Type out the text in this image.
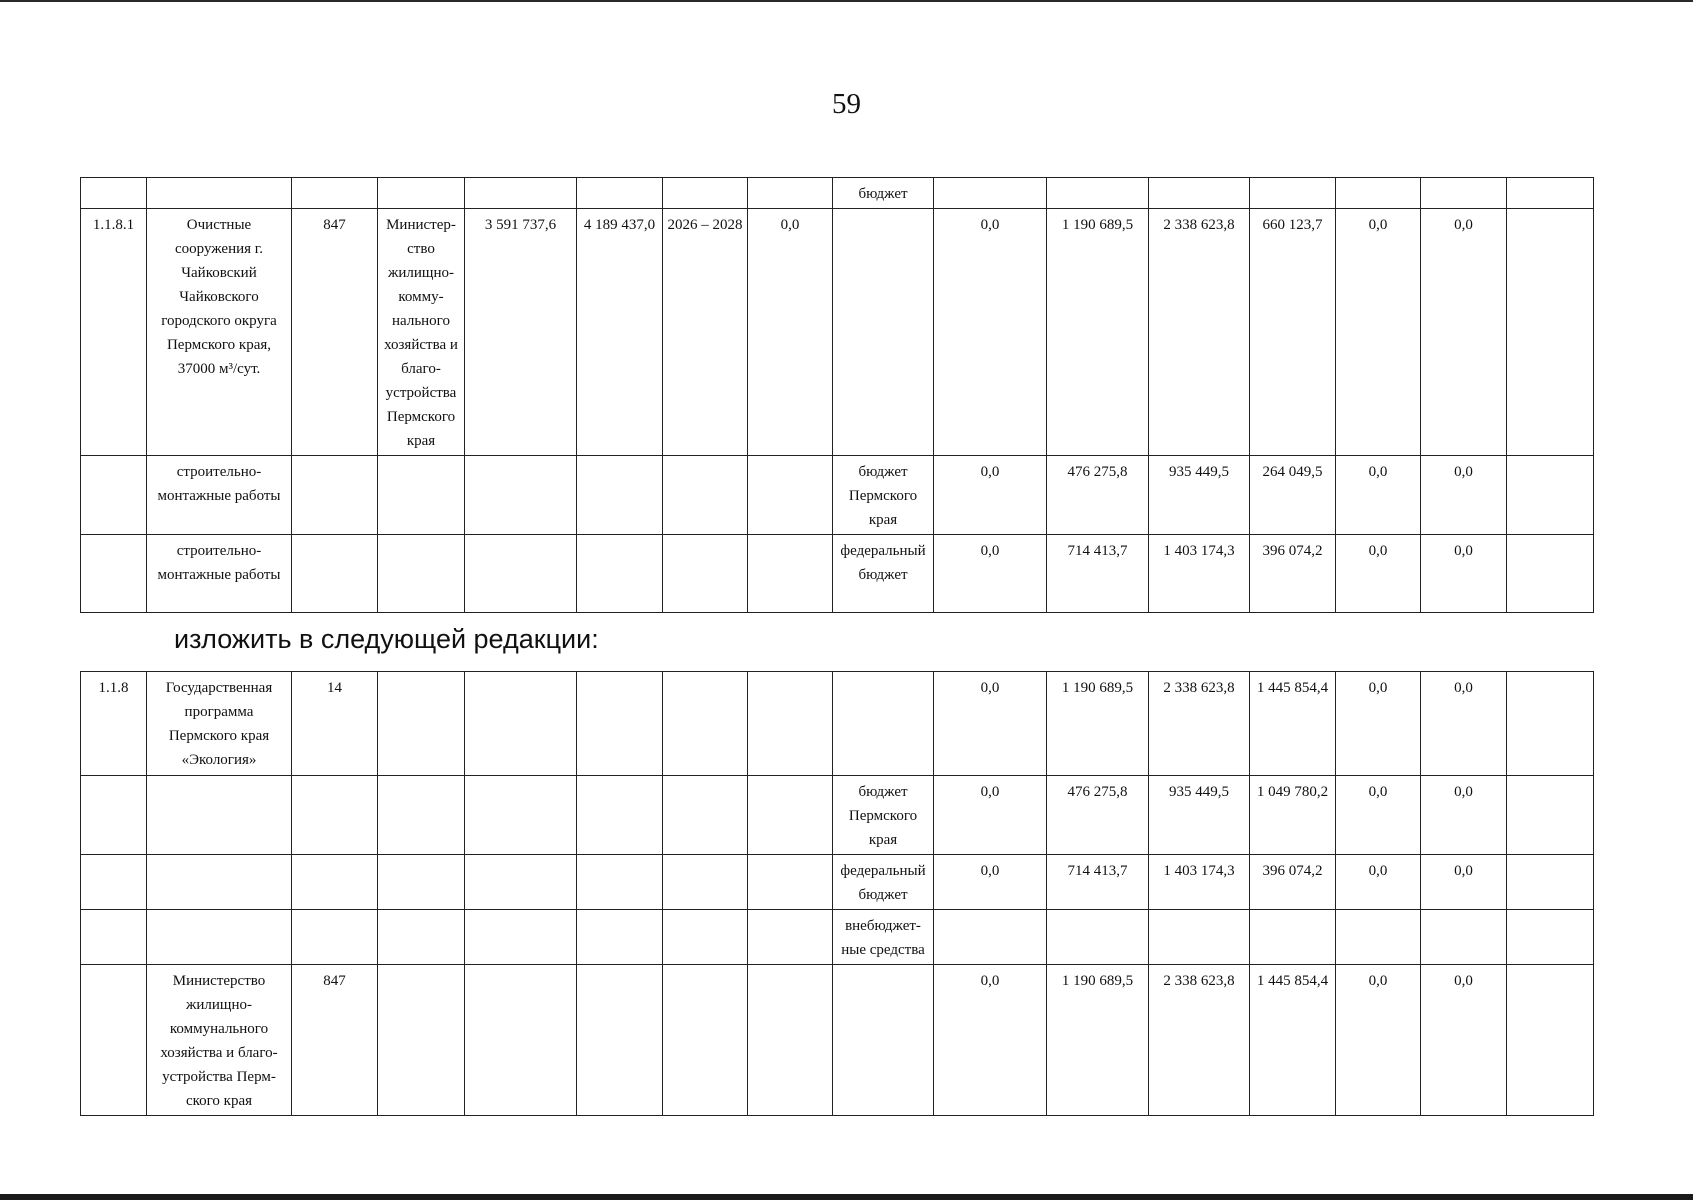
59
								бюджет							
1.1.8.1	Очистные сооружения г. Чайковский Чайковского городского округа Пермского края, 37000 м³/сут.	847	Министер-ство жилищно-комму-нального хозяйства и благо-устройства Пермского края	3 591 737,6	4 189 437,0	2026 – 2028	0,0		0,0	1 190 689,5	2 338 623,8	660 123,7	0,0	0,0	
	строительно-монтажные работы							бюджет Пермского края	0,0	476 275,8	935 449,5	264 049,5	0,0	0,0	
	строительно-монтажные работы							федеральный бюджет	0,0	714 413,7	1 403 174,3	396 074,2	0,0	0,0	
изложить в следующей редакции:
1.1.8	Государственная программа Пермского края «Экология»	14							0,0	1 190 689,5	2 338 623,8	1 445 854,4	0,0	0,0	
								бюджет Пермского края	0,0	476 275,8	935 449,5	1 049 780,2	0,0	0,0	
								федеральный бюджет	0,0	714 413,7	1 403 174,3	396 074,2	0,0	0,0	
								внебюджет-ные средства							
	Министерство жилищно-коммунального хозяйства и благо-устройства Перм-ского края	847							0,0	1 190 689,5	2 338 623,8	1 445 854,4	0,0	0,0	
